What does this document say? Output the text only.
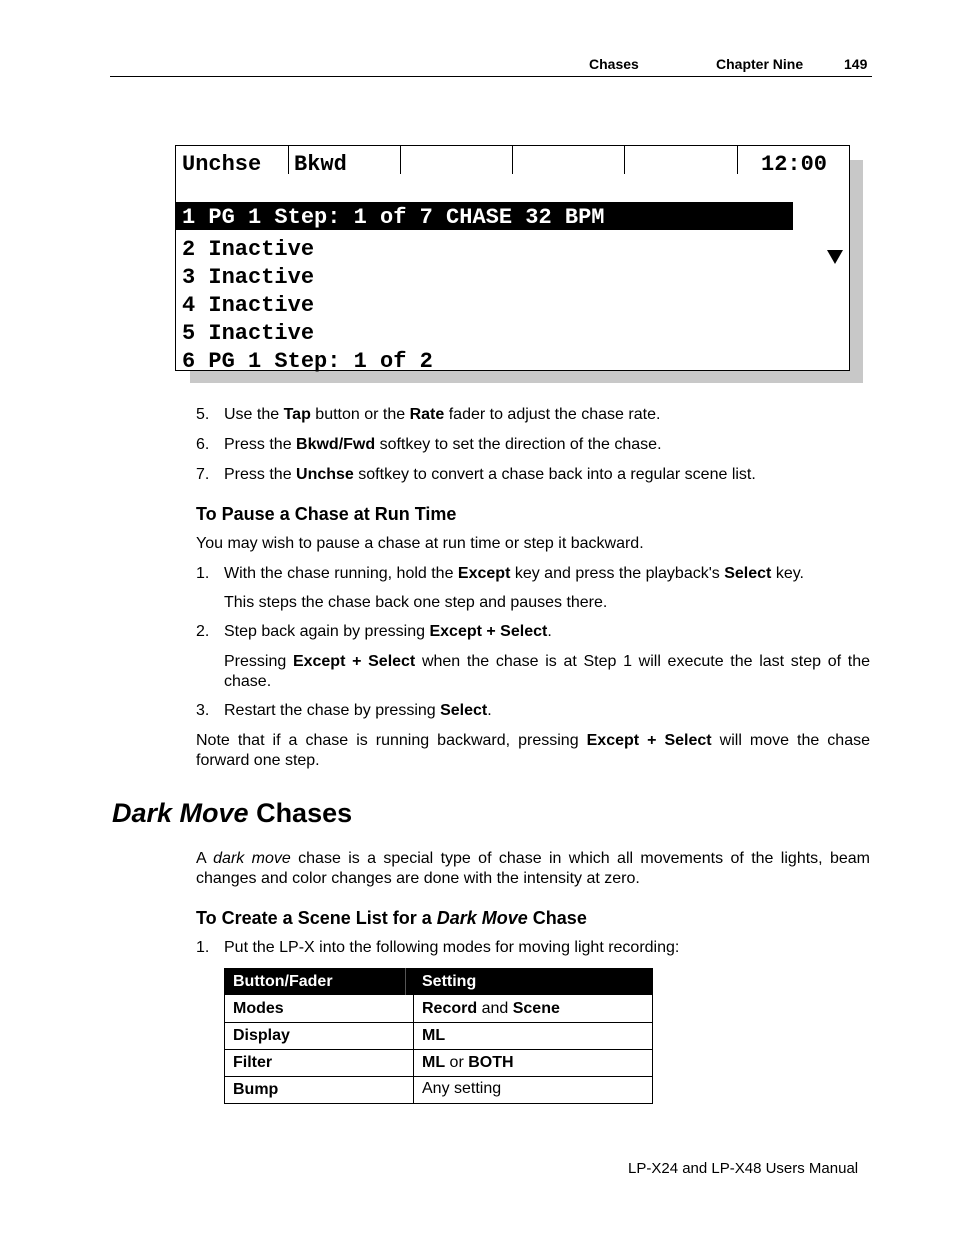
Chases	Chapter Nine	149
Unchse Bkwd	12:00
1 PG 1 Step: 1 of 7 CHASE 32 BPM
2 Inactive
3 Inactive
4 Inactive
5 Inactive
6 PG 1 Step: 1 of 2
5. Use the Tap button or the Rate fader to adjust the chase rate.
6. Press the Bkwd/Fwd softkey to set the direction of the chase.
7. Press the Unchse softkey to convert a chase back into a regular scene list.
To Pause a Chase at Run Time
You may wish to pause a chase at run time or step it backward.
1. With the chase running, hold the Except key and press the playback's Select key.
This steps the chase back one step and pauses there.
2. Step back again by pressing Except + Select.
Pressing Except + Select when the chase is at Step 1 will execute the last step of the chase.
3. Restart the chase by pressing Select.
Note that if a chase is running backward, pressing Except + Select will move the chase forward one step.
Dark Move Chases
A dark move chase is a special type of chase in which all movements of the lights, beam changes and color changes are done with the intensity at zero.
To Create a Scene List for a Dark Move Chase
1. Put the LP-X into the following modes for moving light recording:
Button/Fader	Setting
Modes	Record and Scene
Display	ML
Filter	ML or BOTH
Bump	Any setting
LP-X24 and LP-X48 Users Manual
